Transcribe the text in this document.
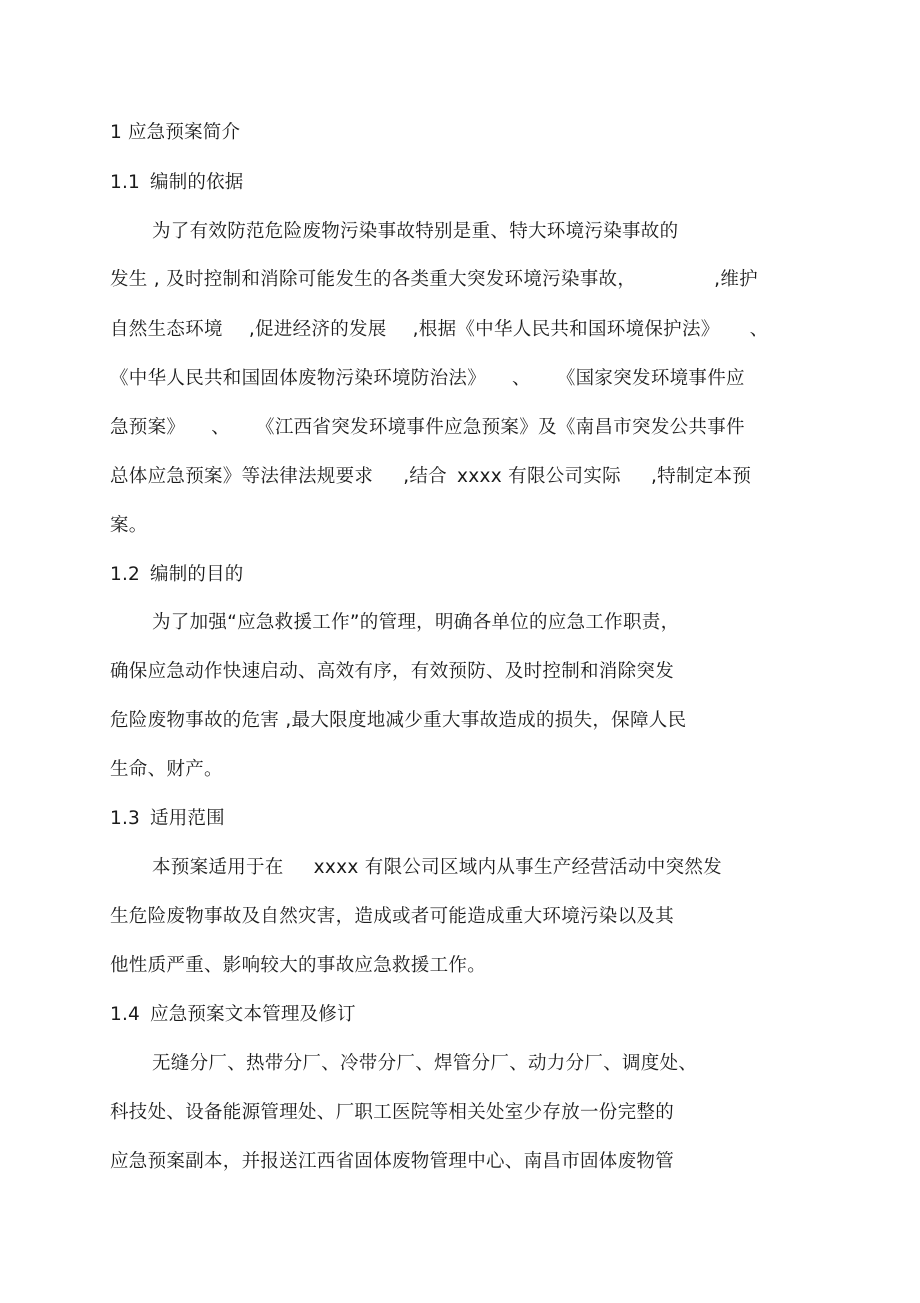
1 应急预案简介
1.1 编制的依据
为了有效防范危险废物污染事故特别是重、特大环境污染事故的
发生 , 及时控制和消除可能发生的各类重大突发环境污染事故，	,维护
自然生态环境 ,促进经济的发展 ,根据《中华人民共和国环境保护法》 、
《中华人民共和国固体废物污染环境防治法》 、 《国家突发环境事件应
急预案》 、 《江西省突发环境事件应急预案》及《南昌市突发公共事件
总体应急预案》等法律法规要求 ,结合 xxxx 有限公司实际 ,特制定本预
案。
1.2 编制的目的
为了加强“应急救援工作”的管理，明确各单位的应急工作职责，
确保应急动作快速启动、高效有序，有效预防、及时控制和消除突发
危险废物事故的危害 ,最大限度地减少重大事故造成的损失，保障人民
生命、财产。
1.3 适用范围
本预案适用于在 xxxx 有限公司区域内从事生产经营活动中突然发
生危险废物事故及自然灾害，造成或者可能造成重大环境污染以及其
他性质严重、影响较大的事故应急救援工作。
1.4 应急预案文本管理及修订
无缝分厂、热带分厂、冷带分厂、焊管分厂、动力分厂、调度处、
科技处、设备能源管理处、厂职工医院等相关处室少存放一份完整的
应急预案副本，并报送江西省固体废物管理中心、南昌市固体废物管
